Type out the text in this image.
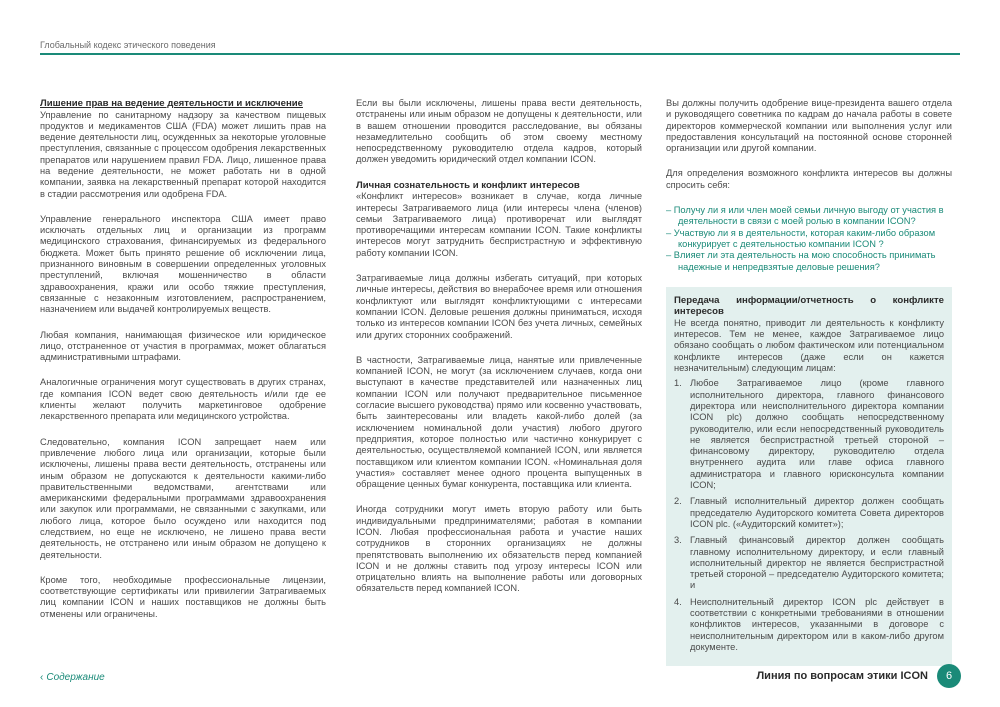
Глобальный кодекс этического поведения
Лишение прав на ведение деятельности и исключение

Управление по санитарному надзору за качеством пищевых продуктов и медикаментов США (FDA) может лишить прав на ведение деятельности лиц, осужденных за некоторые уголовные преступления, связанные с процессом одобрения лекарственных препаратов или нарушением правил FDA. Лицо, лишенное права на ведение деятельности, не может работать ни в одной компании, заявка на лекарственный препарат которой находится в стадии рассмотрения или одобрена FDA.

Управление генерального инспектора США имеет право исключать отдельных лиц и организации из программ медицинского страхования, финансируемых из федерального бюджета. Может быть принято решение об исключении лица, признанного виновным в совершении определенных уголовных преступлений, включая мошенничество в области здравоохранения, кражи или особо тяжкие преступления, связанные с незаконным изготовлением, распространением, назначением или выдачей контролируемых веществ.

Любая компания, нанимающая физическое или юридическое лицо, отстраненное от участия в программах, может облагаться административными штрафами.

Аналогичные ограничения могут существовать в других странах, где компания ICON ведет свою деятельность и/или где ее клиенты желают получить маркетинговое одобрение лекарственного препарата или медицинского устройства.

Следовательно, компания ICON запрещает наем или привлечение любого лица или организации, которые были исключены, лишены права вести деятельность, отстранены или иным образом не допускаются к деятельности какими-либо правительственными ведомствами, агентствами или американскими федеральными программами здравоохранения или закупок или программами, не связанными с закупками, или любого лица, которое было осуждено или находится под следствием, но еще не исключено, не лишено права вести деятельность, не отстранено или иным образом не допущено к деятельности.

Кроме того, необходимые профессиональные лицензии, соответствующие сертификаты или привилегии Затрагиваемых лиц компании ICON и наших поставщиков не должны быть отменены или ограничены.

Если вы были исключены, лишены права вести деятельность, отстранены или иным образом не допущены к деятельности, или в вашем отношении проводится расследование, вы обязаны незамедлительно сообщить об этом своему местному непосредственному руководителю отдела кадров, который должен уведомить юридический отдел компании ICON.

Личная сознательность и конфликт интересов

«Конфликт интересов» возникает в случае, когда личные интересы Затрагиваемого лица (или интересы члена (членов) семьи Затрагиваемого лица) противоречат или выглядят противоречащими интересам компании ICON. Такие конфликты интересов могут затруднить беспристрастную и эффективную работу компании ICON.

Затрагиваемые лица должны избегать ситуаций, при которых личные интересы, действия во внерабочее время или отношения конфликтуют или выглядят конфликтующими с интересами компании ICON. Деловые решения должны приниматься, исходя только из интересов компании ICON без учета личных, семейных или других сторонних соображений.

В частности, Затрагиваемые лица, нанятые или привлеченные компанией ICON, не могут (за исключением случаев, когда они выступают в качестве представителей или назначенных лиц компании ICON или получают предварительное письменное согласие высшего руководства) прямо или косвенно участвовать, быть заинтересованы или владеть какой-либо долей (за исключением номинальной доли участия) любого другого предприятия, которое полностью или частично конкурирует с деятельностью, осуществляемой компанией ICON, или является поставщиком или клиентом компании ICON. «Номинальная доля участия» составляет менее одного процента выпущенных в обращение ценных бумаг конкурента, поставщика или клиента.

Иногда сотрудники могут иметь вторую работу или быть индивидуальными предпринимателями; работая в компании ICON. Любая профессиональная работа и участие наших сотрудников в сторонних организациях не должны препятствовать выполнению их обязательств перед компанией ICON и не должны ставить под угрозу интересы ICON или отрицательно влиять на выполнение работы или договорных обязательств перед компанией ICON.

Вы должны получить одобрение вице-президента вашего отдела и руководящего советника по кадрам до начала работы в совете директоров коммерческой компании или выполнения услуг или предоставления консультаций на постоянной основе сторонней организации или другой компании.

Для определения возможного конфликта интересов вы должны спросить себя:

– Получу ли я или член моей семьи личную выгоду от участия в деятельности в связи с моей ролью в компании ICON?
– Участвую ли я в деятельности, которая каким-либо образом конкурирует с деятельностью компании ICON ?
– Влияет ли эта деятельность на мою способность принимать надежные и непредвзятые деловые решения?
Передача информации/отчетность о конфликте интересов

Не всегда понятно, приводит ли деятельность к конфликту интересов. Тем не менее, каждое Затрагиваемое лицо обязано сообщать о любом фактическом или потенциальном конфликте интересов (даже если он кажется незначительным) следующим лицам:

1. Любое Затрагиваемое лицо (кроме главного исполнительного директора, главного финансового директора или неисполнительного директора компании ICON plc) должно сообщать непосредственному руководителю, или если непосредственный руководитель не является беспристрастной третьей стороной – финансовому директору, руководителю отдела внутреннего аудита или главе офиса главного администратора и главного юрисконсульта компании ICON;
2. Главный исполнительный директор должен сообщать председателю Аудиторского комитета Совета директоров ICON plc. («Аудиторский комитет»);
3. Главный финансовый директор должен сообщать главному исполнительному директору, и если главный исполнительный директор не является беспристрастной третьей стороной – председателю Аудиторского комитета; и
4. Неисполнительный директор ICON plc действует в соответствии с конкретными требованиями в отношении конфликтов интересов, указанными в договоре с неисполнительным директором или в каком-либо другом документе.
‹ Содержание	Линия по вопросам этики ICON	6
